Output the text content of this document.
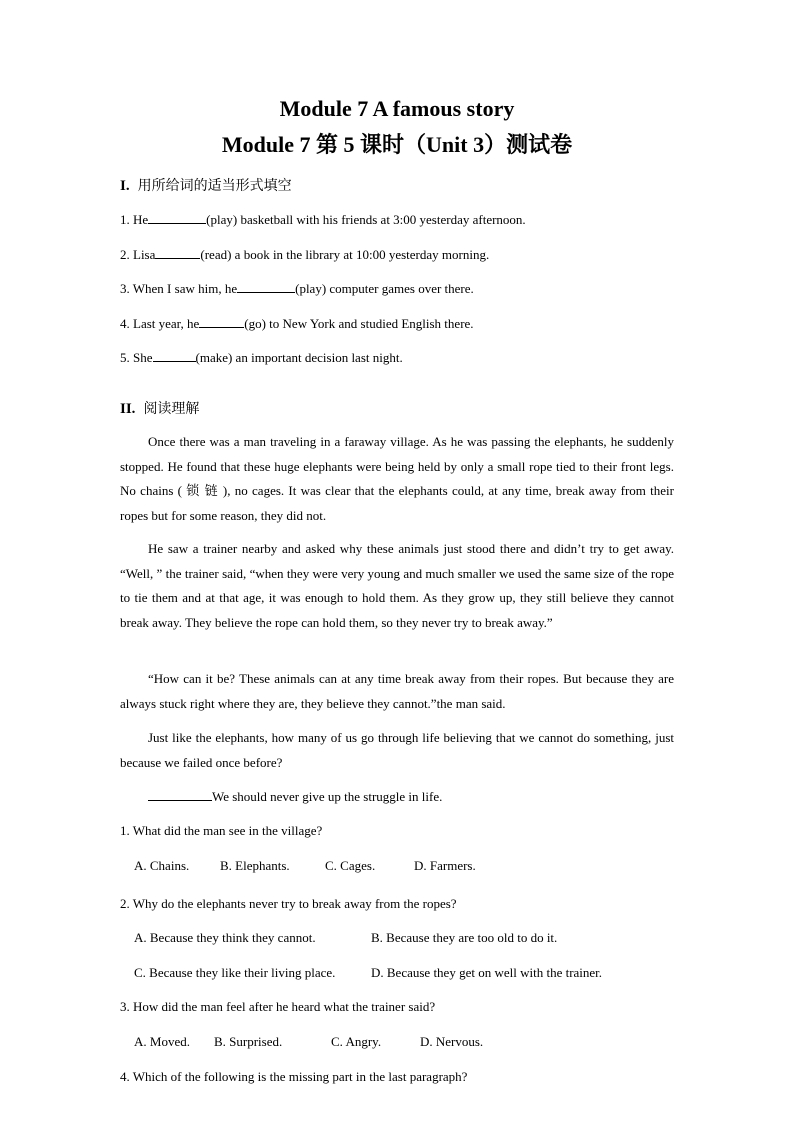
Module 7 A famous story
Module 7 第 5 课时（Unit 3）测试卷
I. 用所给词的适当形式填空
1. He	(play) basketball with his friends at 3:00 yesterday afternoon.
2. Lisa	(read) a book in the library at 10:00 yesterday morning.
3. When I saw him, he	(play) computer games over there.
4. Last year, he	(go) to New York and studied English there.
5. She	(make) an important decision last night.
II. 阅读理解

Once there was a man traveling in a faraway village. As he was passing the elephants, he suddenly stopped. He found that these huge elephants were being held by only a small rope tied to their front legs. No chains ( 锁 链 ), no cages. It was clear that the elephants could, at any time, break away from their ropes but for some reason, they did not.

He saw a trainer nearby and asked why these animals just stood there and didn’t try to get away. “Well, ” the trainer said, “when they were very young and much smaller we used the same size of the rope to tie them and at that age, it was enough to hold them. As they grow up, they still believe they cannot break away. They believe the rope can hold them, so they never try to break away.”

“How can it be? These animals can at any time break away from their ropes. But because they are always stuck right where they are, they believe they cannot.”the man said.

Just like the elephants, how many of us go through life believing that we cannot do something, just because we failed once before?

We should never give up the struggle in life.
1. What did the man see in the village?
A. Chains. B. Elephants.	C. Cages.	D. Farmers.
2. Why do the elephants never try to break away from the ropes?
A. Because they think they cannot.	B. Because they are too old to do it.
C. Because they like their living place.	D. Because they get on well with the trainer.
3. How did the man feel after he heard what the trainer said?
A. Moved. B. Surprised.	C. Angry.	D. Nervous.
4. Which of the following is the missing part in the last paragraph?
